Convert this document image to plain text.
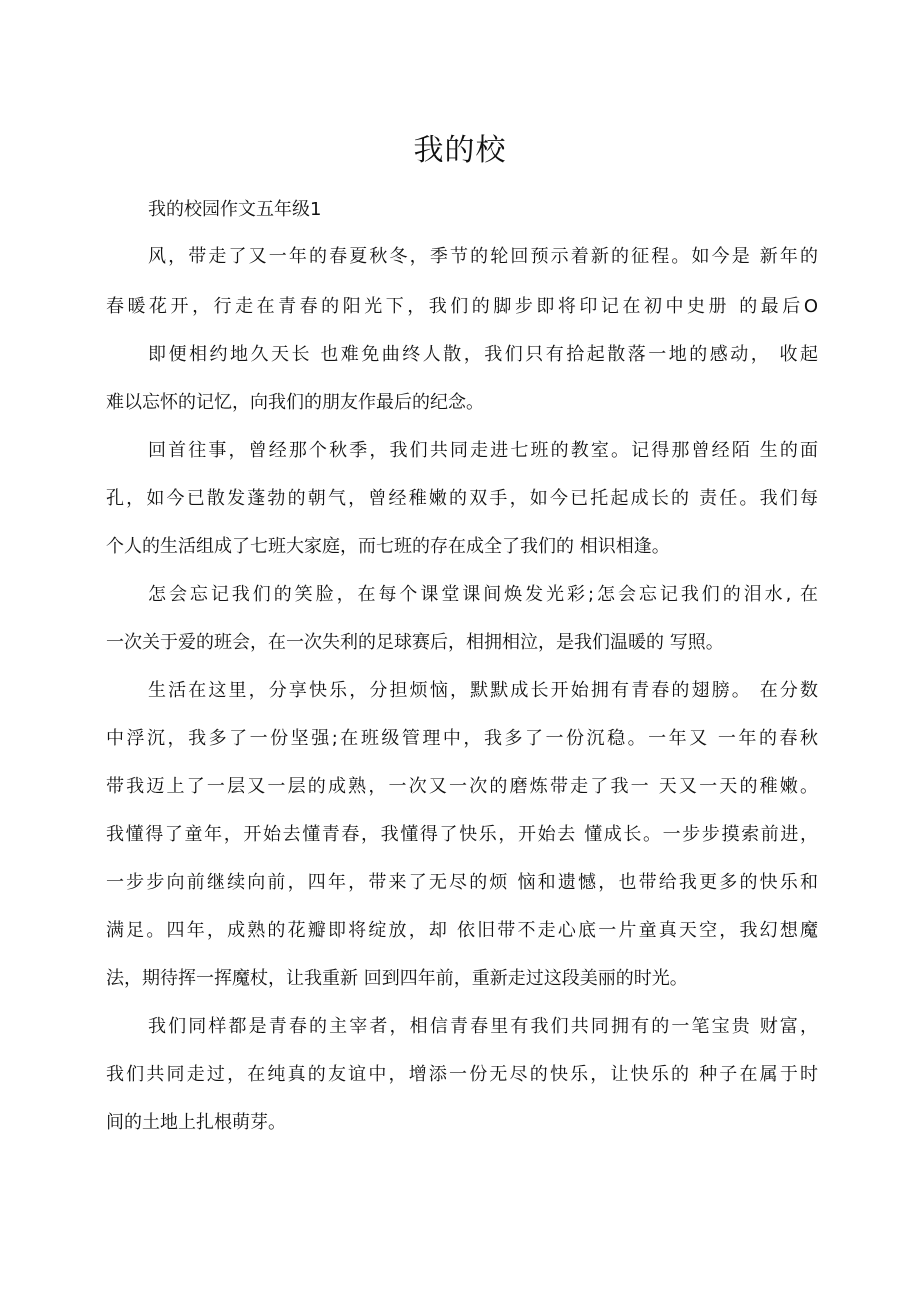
我的校
我的校园作文五年级1
风，带走了又一年的春夏秋冬，季节的轮回预示着新的征程。如今是 新年的
春暖花开，行走在青春的阳光下，我们的脚步即将印记在初中史册 的最后O
即便相约地久天长 也难免曲终人散，我们只有拾起散落一地的感动， 收起
难以忘怀的记忆，向我们的朋友作最后的纪念。
回首往事，曾经那个秋季，我们共同走进七班的教室。记得那曾经陌 生的面
孔，如今已散发蓬勃的朝气，曾经稚嫩的双手，如今已托起成长的 责任。我们每
个人的生活组成了七班大家庭，而七班的存在成全了我们的 相识相逢。
怎会忘记我们的笑脸，在每个课堂课间焕发光彩;怎会忘记我们的泪水, 在
一次关于爱的班会，在一次失利的足球赛后，相拥相泣，是我们温暖的 写照。
生活在这里，分享快乐，分担烦恼，默默成长开始拥有青春的翅膀。 在分数
中浮沉，我多了一份坚强;在班级管理中，我多了一份沉稳。一年又 一年的春秋
带我迈上了一层又一层的成熟，一次又一次的磨炼带走了我一 天又一天的稚嫩。
我懂得了童年，开始去懂青春，我懂得了快乐，开始去 懂成长。一步步摸索前进，
一步步向前继续向前，四年，带来了无尽的烦 恼和遗憾，也带给我更多的快乐和
满足。四年，成熟的花瓣即将绽放，却 依旧带不走心底一片童真天空，我幻想魔
法，期待挥一挥魔杖，让我重新 回到四年前，重新走过这段美丽的时光。
我们同样都是青春的主宰者，相信青春里有我们共同拥有的一笔宝贵 财富，
我们共同走过，在纯真的友谊中，增添一份无尽的快乐，让快乐的 种子在属于时
间的土地上扎根萌芽。
